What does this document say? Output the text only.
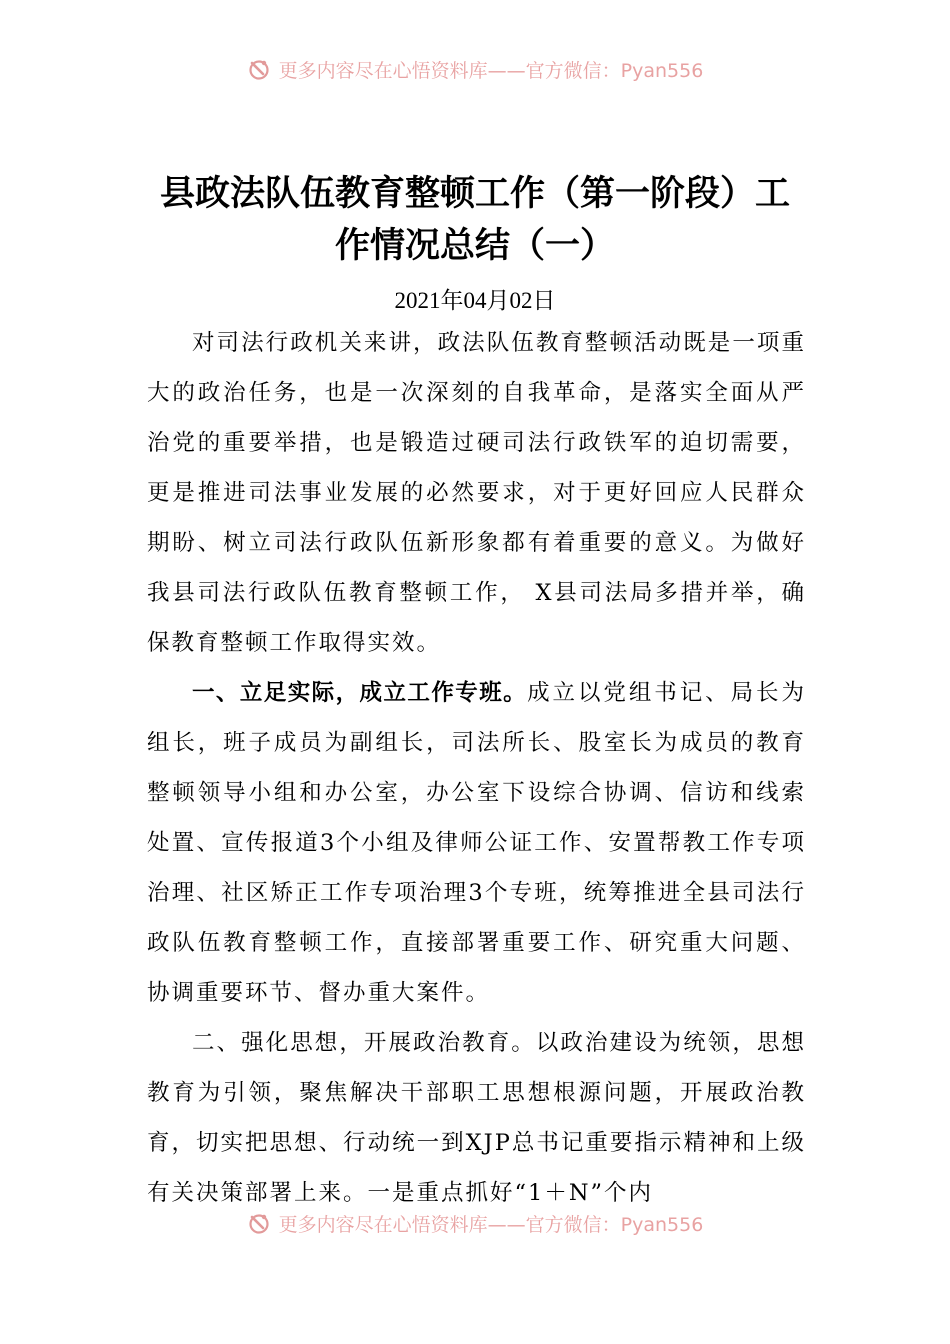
更多内容尽在心悟资料库——官方微信：Pyan556
县政法队伍教育整顿工作（第一阶段）工作情况总结（一）
2021年04月02日

对司法行政机关来讲，政法队伍教育整顿活动既是一项重大的政治任务，也是一次深刻的自我革命，是落实全面从严治党的重要举措，也是锻造过硬司法行政铁军的迫切需要，更是推进司法事业发展的必然要求，对于更好回应人民群众期盼、树立司法行政队伍新形象都有着重要的意义。为做好我县司法行政队伍教育整顿工作， X县司法局多措并举，确保教育整顿工作取得实效。

一、立足实际，成立工作专班。成立以党组书记、局长为组长，班子成员为副组长，司法所长、股室长为成员的教育整顿领导小组和办公室，办公室下设综合协调、信访和线索处置、宣传报道3个小组及律师公证工作、安置帮教工作专项治理、社区矫正工作专项治理3个专班，统筹推进全县司法行政队伍教育整顿工作，直接部署重要工作、研究重大问题、协调重要环节、督办重大案件。

二、强化思想，开展政治教育。以政治建设为统领，思想教育为引领，聚焦解决干部职工思想根源问题，开展政治教育，切实把思想、行动统一到XJP总书记重要指示精神和上级有关决策部署上来。一是重点抓好“1＋N”个内

更多内容尽在心悟资料库——官方微信：Pyan556
